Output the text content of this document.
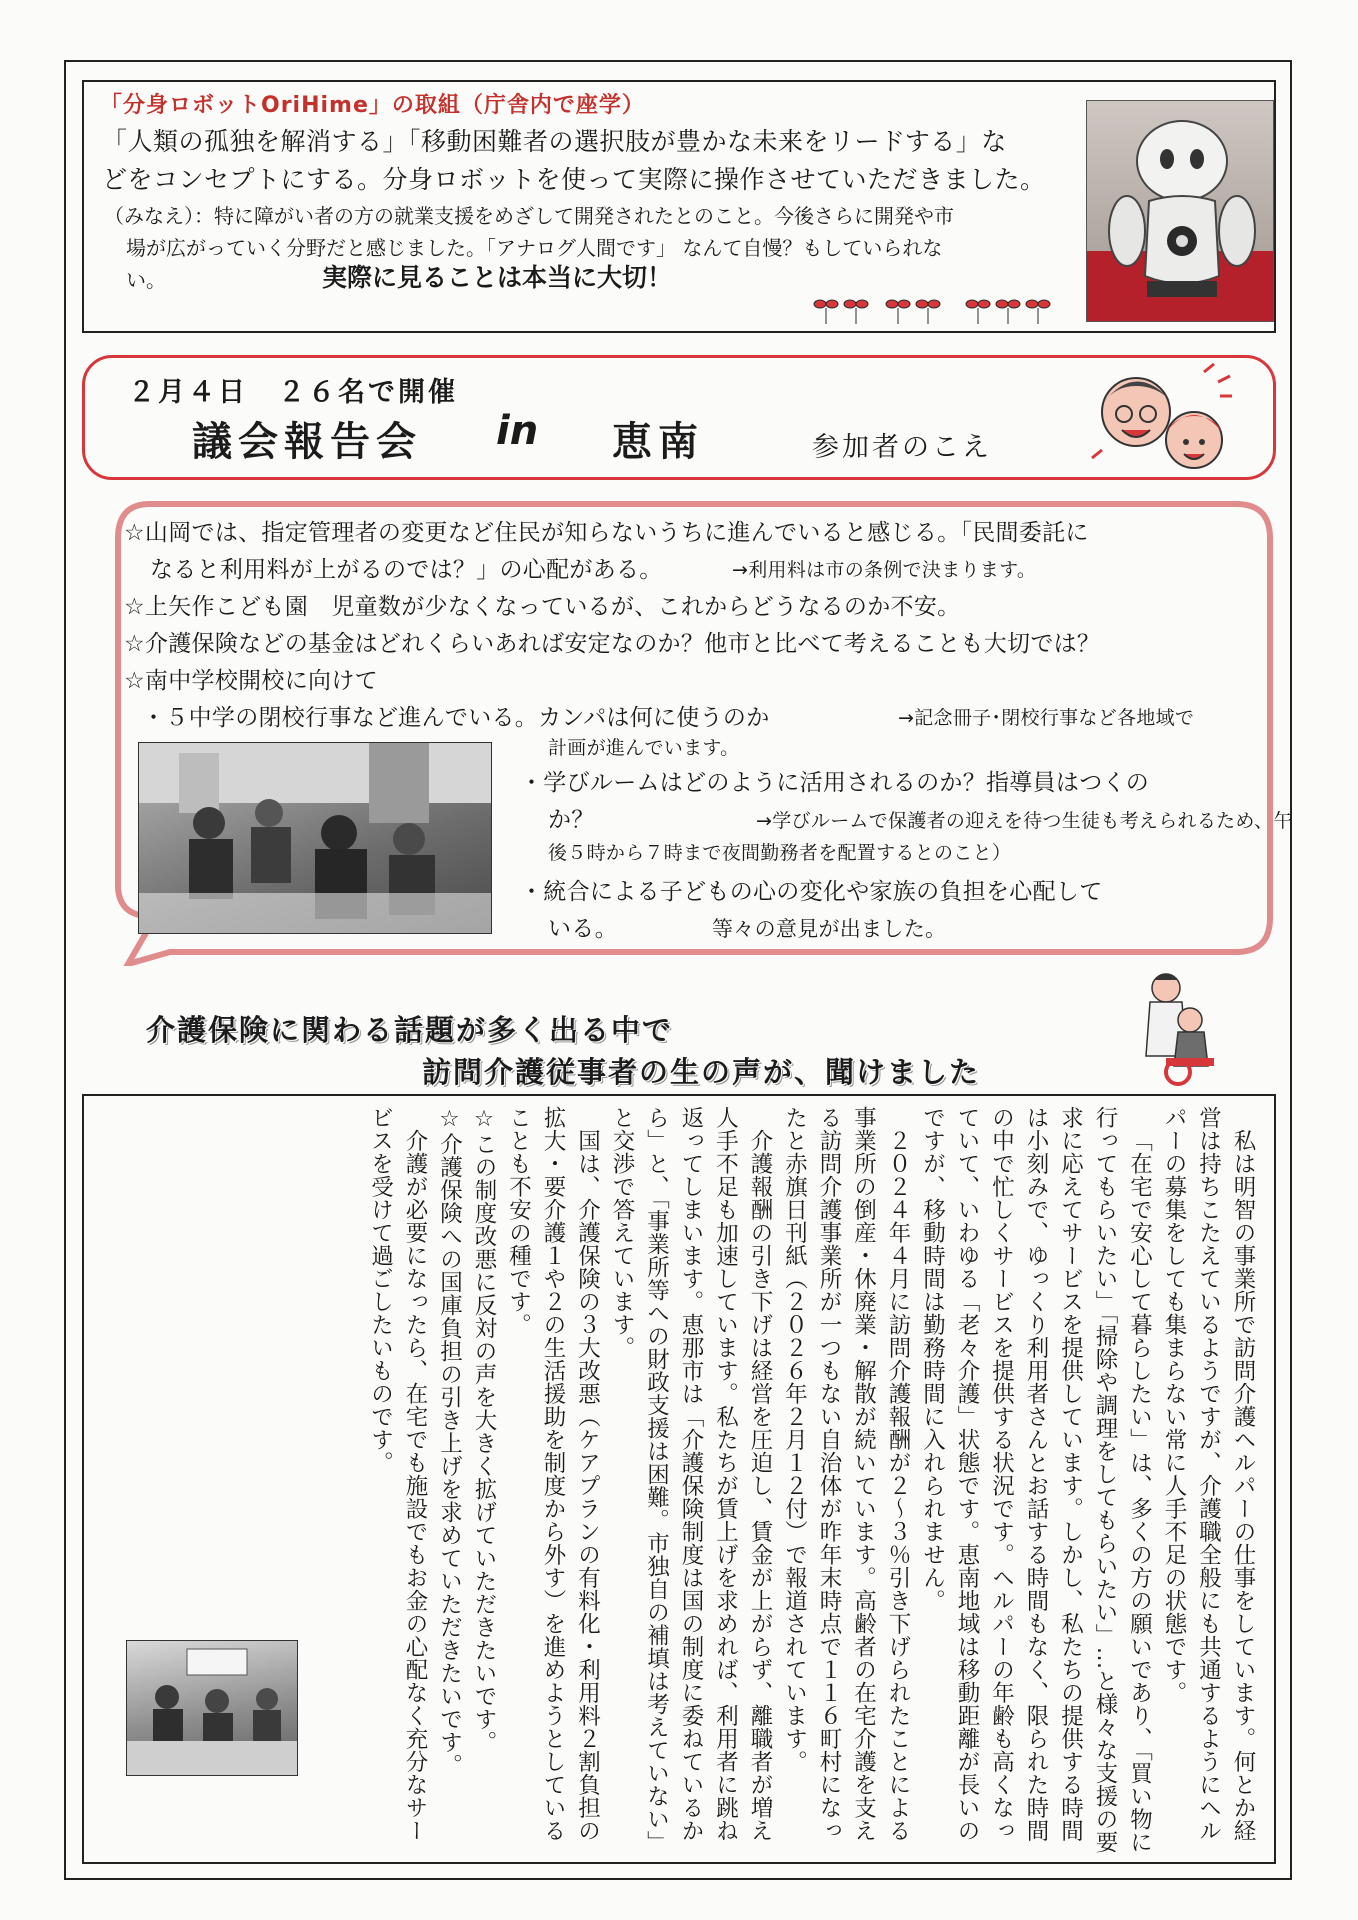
「分身ロボットOriHime」の取組（庁舎内で座学）
「人類の孤独を解消する」「移動困難者の選択肢が豊かな未来をリードする」な
どをコンセプトにする。分身ロボットを使って実際に操作させていただきました。
（みなえ）：特に障がい者の方の就業支援をめざして開発されたとのこと。今後さらに開発や市
場が広がっていく分野だと感じました。「アナログ人間です」 なんて自慢？もしていられな
い。	実際に見ることは本当に大切！
２月４日　２６名で開催
議会報告会 in 恵南	参加者のこえ
☆山岡では、指定管理者の変更など住民が知らないうちに進んでいると感じる。「民間委託に
なると利用料が上がるのでは？」の心配がある。	→利用料は市の条例で決まります。
☆上矢作こども園　児童数が少なくなっているが、これからどうなるのか不安。
☆介護保険などの基金はどれくらいあれば安定なのか？他市と比べて考えることも大切では？
☆南中学校開校に向けて
・５中学の閉校行事など進んでいる。カンパは何に使うのか	→記念冊子･閉校行事など各地域で
計画が進んでいます。
・学びルームはどのように活用されるのか？指導員はつくの
か？	→学びルームで保護者の迎えを待つ生徒も考えられるため、午
後５時から７時まで夜間勤務者を配置するとのこと）
・統合による子どもの心の変化や家族の負担を心配して
いる。	等々の意見が出ました。
介護保険に関わる話題が多く出る中で
訪問介護従事者の生の声が、聞けました

私は明智の事業所で訪問介護ヘルパーの仕事をしています。何とか経営は持ちこたえているようですが、介護職全般にも共通するようにヘルパーの募集をしても集まらない常に人手不足の状態です。

「在宅で安心して暮らしたい」は、多くの方の願いであり、「買い物に行ってもらいたい」「掃除や調理をしてもらいたい」…と様々な支援の要求に応えてサービスを提供しています。しかし、私たちの提供する時間は小刻みで、ゆっくり利用者さんとお話する時間もなく、限られた時間の中で忙しくサービスを提供する状況です。ヘルパーの年齢も高くなっていて、いわゆる「老々介護」状態です。恵南地域は移動距離が長いのですが、移動時間は勤務時間に入れられません。

２０２４年４月に訪問介護報酬が２～３％引き下げられたことによる事業所の倒産・休廃業・解散が続いています。高齢者の在宅介護を支える訪問介護事業所が一つもない自治体が昨年末時点で１１６町村になったと赤旗日刊紙（２０２６年２月１２付）で報道されています。

介護報酬の引き下げは経営を圧迫し、賃金が上がらず、離職者が増え人手不足も加速しています。私たちが賃上げを求めれば、利用者に跳ね返ってしまいます。恵那市は「介護保険制度は国の制度に委ねているから」と、「事業所等への財政支援は困難。市独自の補填は考えていない」と交渉で答えています。

国は、介護保険の３大改悪（ケアプランの有料化・利用料２割負担の拡大・要介護１や２の生活援助を制度から外す）を進めようとしていることも不安の種です。

☆この制度改悪に反対の声を大きく拡げていただきたいです。

☆介護保険への国庫負担の引き上げを求めていただきたいです。

介護が必要になったら、在宅でも施設でもお金の心配なく充分なサービスを受けて過ごしたいものです。
